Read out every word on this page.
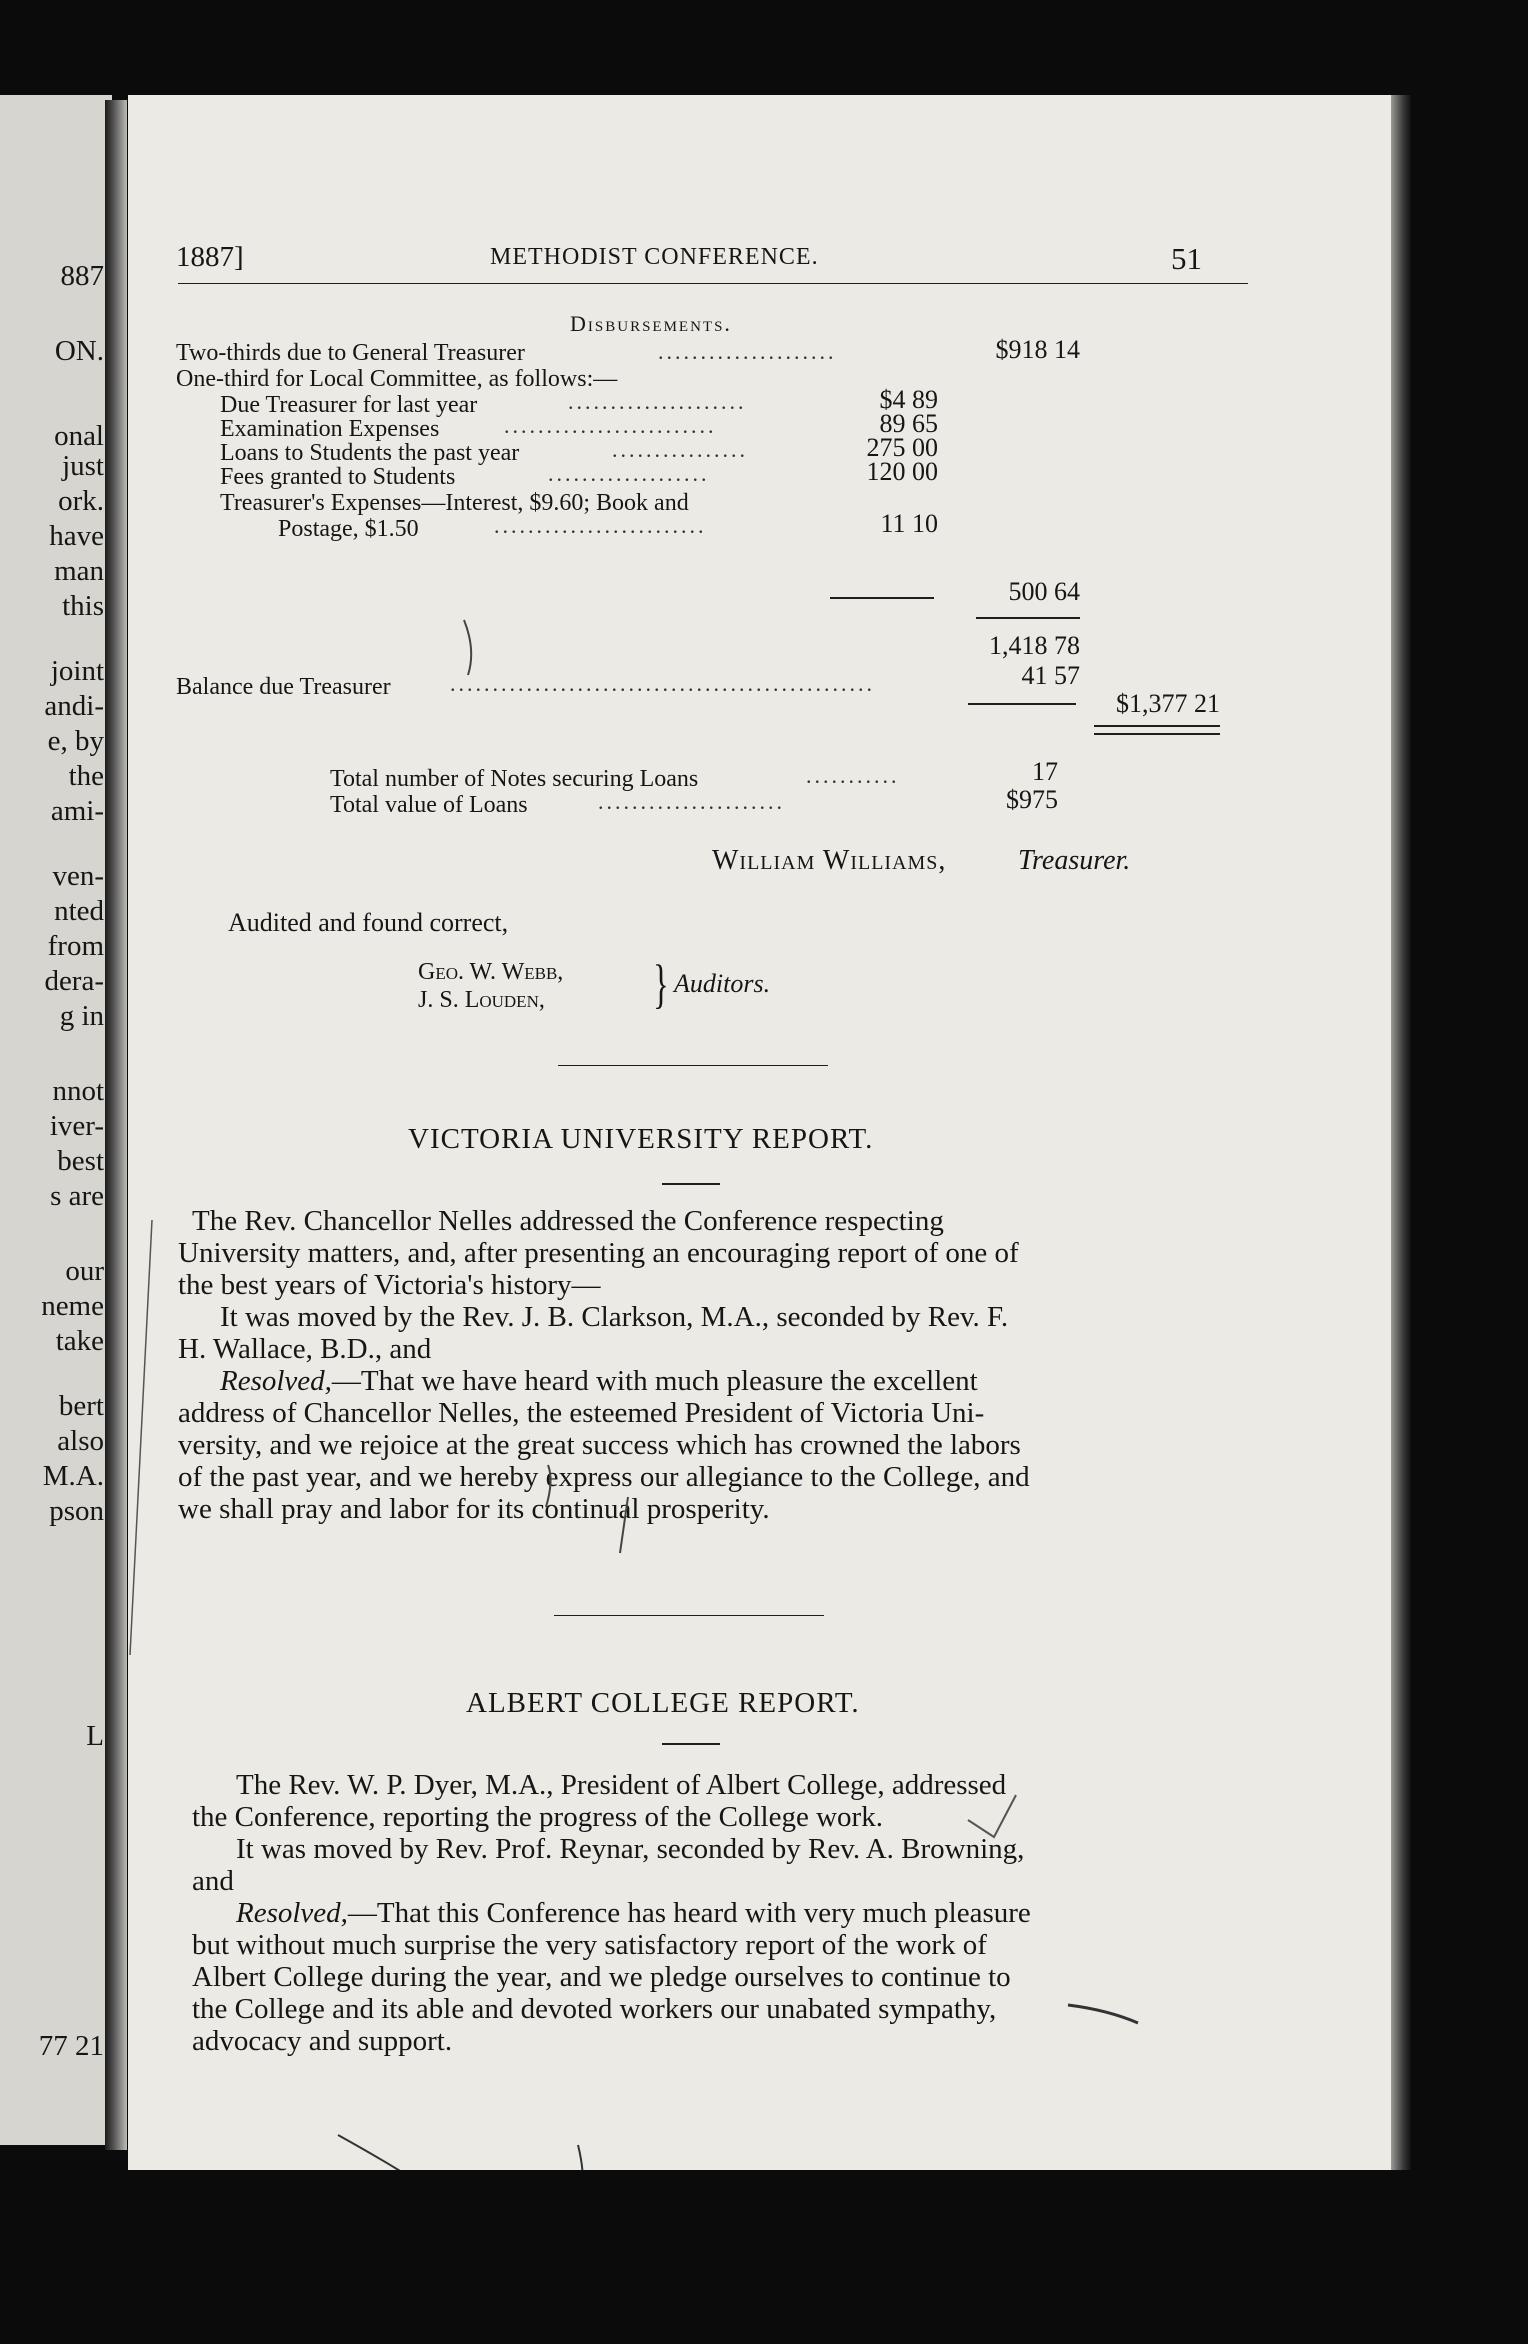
887
ON.
onal
just
ork.
have
man
this
joint
andi-
e, by
the
ami-
ven-
nted
from
dera-
g in
nnot
iver-
best
s are
our
neme
take
bert
also
M.A.
pson
L
77 21
1887]	METHODIST CONFERENCE.	51
Disbursements.
Two-thirds due to General Treasurer	.....................	$918 14
One-third for Local Committee, as follows:—
Due Treasurer for last year	.....................	$4 89
Examination Expenses	.........................	89 65
Loans to Students the past year	................	275 00
Fees granted to Students	...................	120 00
Treasurer's Expenses—Interest, $9.60; Book and
Postage, $1.50	.........................	11 10
500 64
1,418 78
Balance due Treasurer	..................................................	41 57
$1,377 21
Total number of Notes securing Loans	...........	17
Total value of Loans	......................	$975
William Williams,	Treasurer.
Audited and found correct,
Geo. W. Webb,
J. S. Louden, } Auditors.
VICTORIA UNIVERSITY REPORT.
The Rev. Chancellor Nelles addressed the Conference respecting
University matters, and, after presenting an encouraging report of one of
the best years of Victoria's history—
It was moved by the Rev. J. B. Clarkson, M.A., seconded by Rev. F.
H. Wallace, B.D., and
Resolved,—That we have heard with much pleasure the excellent
address of Chancellor Nelles, the esteemed President of Victoria Uni-
versity, and we rejoice at the great success which has crowned the labors
of the past year, and we hereby express our allegiance to the College, and
we shall pray and labor for its continual prosperity.
ALBERT COLLEGE REPORT.
The Rev. W. P. Dyer, M.A., President of Albert College, addressed
the Conference, reporting the progress of the College work.
It was moved by Rev. Prof. Reynar, seconded by Rev. A. Browning,
and
Resolved,—That this Conference has heard with very much pleasure
but without much surprise the very satisfactory report of the work of
Albert College during the year, and we pledge ourselves to continue to
the College and its able and devoted workers our unabated sympathy,
advocacy and support.
